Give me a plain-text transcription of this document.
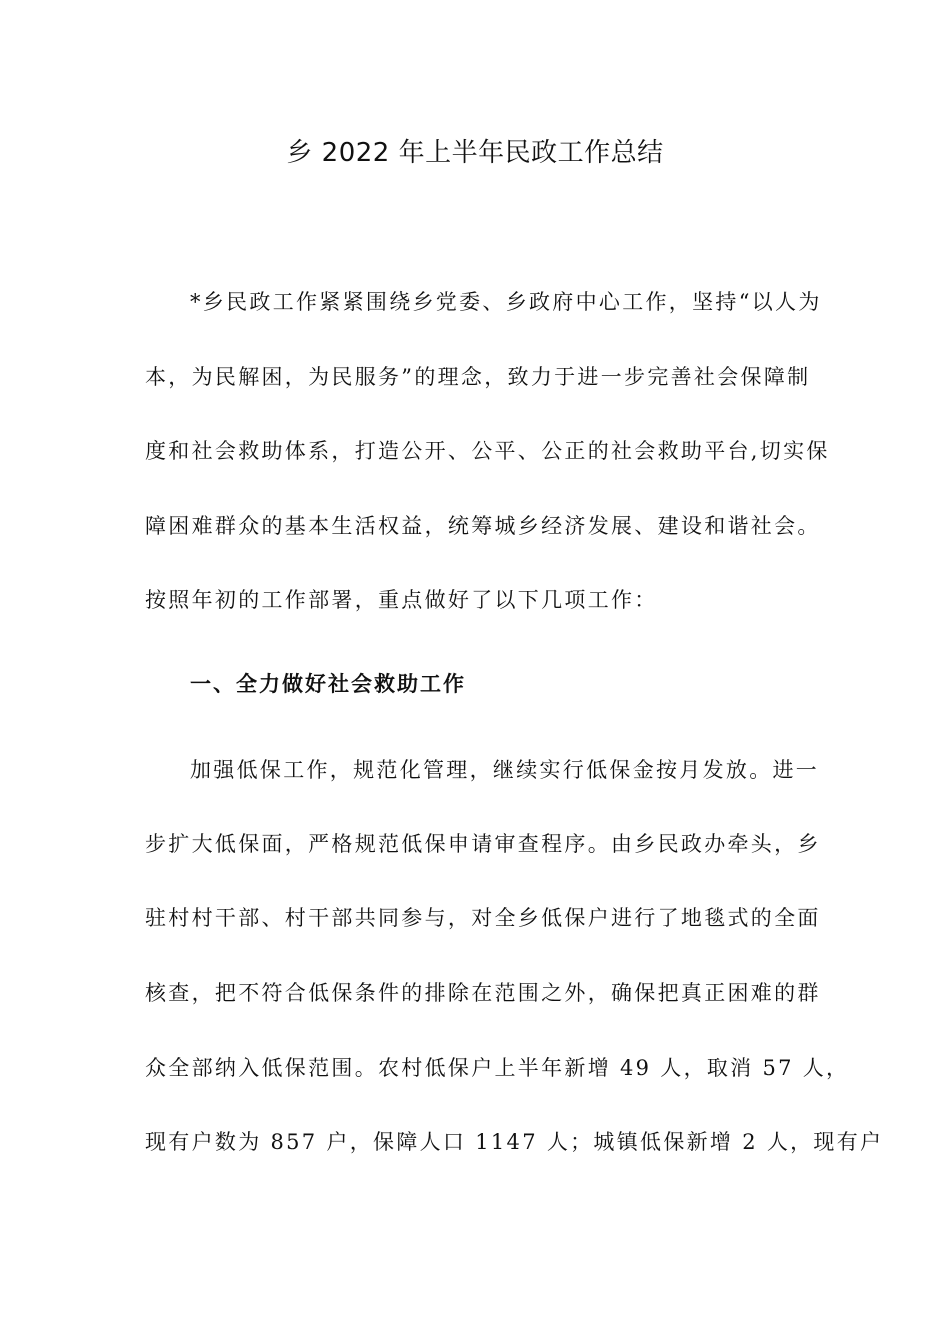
乡 2022 年上半年民政工作总结

*乡民政工作紧紧围绕乡党委、乡政府中心工作，坚持“以人为

本，为民解困，为民服务”的理念，致力于进一步完善社会保障制

度和社会救助体系，打造公开、公平、公正的社会救助平台,切实保

障困难群众的基本生活权益，统筹城乡经济发展、建设和谐社会。

按照年初的工作部署，重点做好了以下几项工作：

一、全力做好社会救助工作

加强低保工作，规范化管理，继续实行低保金按月发放。进一

步扩大低保面，严格规范低保申请审查程序。由乡民政办牵头，乡

驻村村干部、村干部共同参与，对全乡低保户进行了地毯式的全面

核查，把不符合低保条件的排除在范围之外，确保把真正困难的群

众全部纳入低保范围。农村低保户上半年新增 49 人，取消 57 人，

现有户数为 857 户，保障人口 1147 人；城镇低保新增 2 人，现有户
